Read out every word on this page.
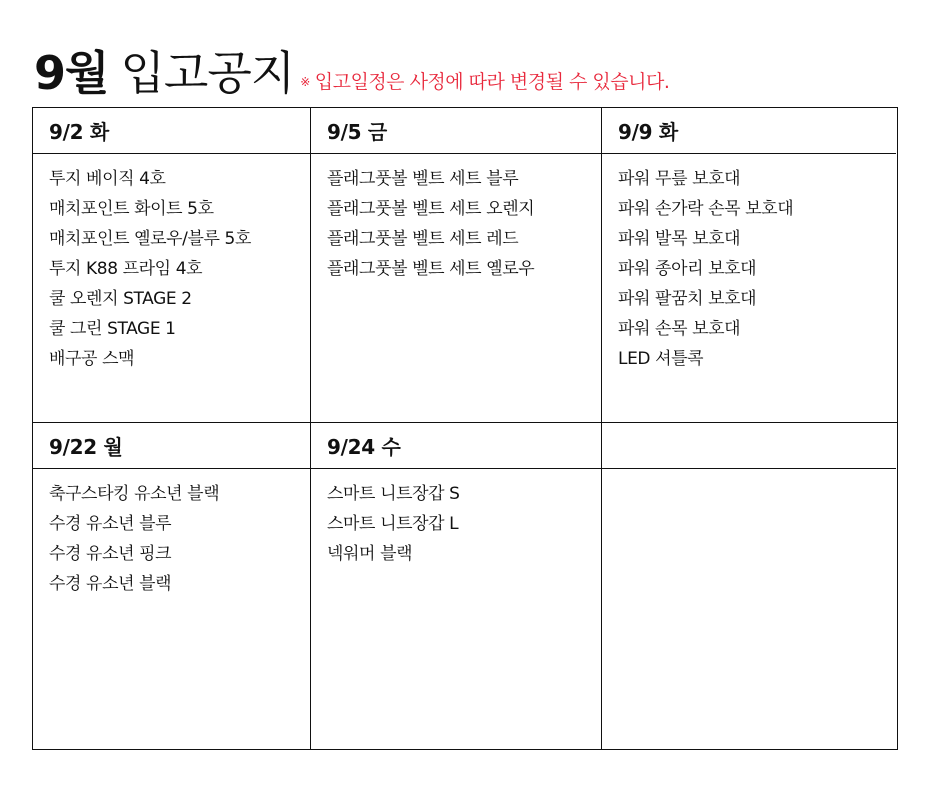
9월 입고공지 ※ 입고일정은 사정에 따라 변경될 수 있습니다.
9/2 화
투지 베이직 4호
매치포인트 화이트 5호
매치포인트 옐로우/블루 5호
투지 K88 프라임 4호
쿨 오렌지 STAGE 2
쿨 그린 STAGE 1
배구공 스맥
9/5 금
플래그풋볼 벨트 세트 블루
플래그풋볼 벨트 세트 오렌지
플래그풋볼 벨트 세트 레드
플래그풋볼 벨트 세트 옐로우
9/9 화
파워 무릎 보호대
파워 손가락 손목 보호대
파워 발목 보호대
파워 종아리 보호대
파워 팔꿈치 보호대
파워 손목 보호대
LED 셔틀콕
9/22 월
축구스타킹 유소년 블랙
수경 유소년 블루
수경 유소년 핑크
수경 유소년 블랙
9/24 수
스마트 니트장갑 S
스마트 니트장갑 L
넥워머 블랙
